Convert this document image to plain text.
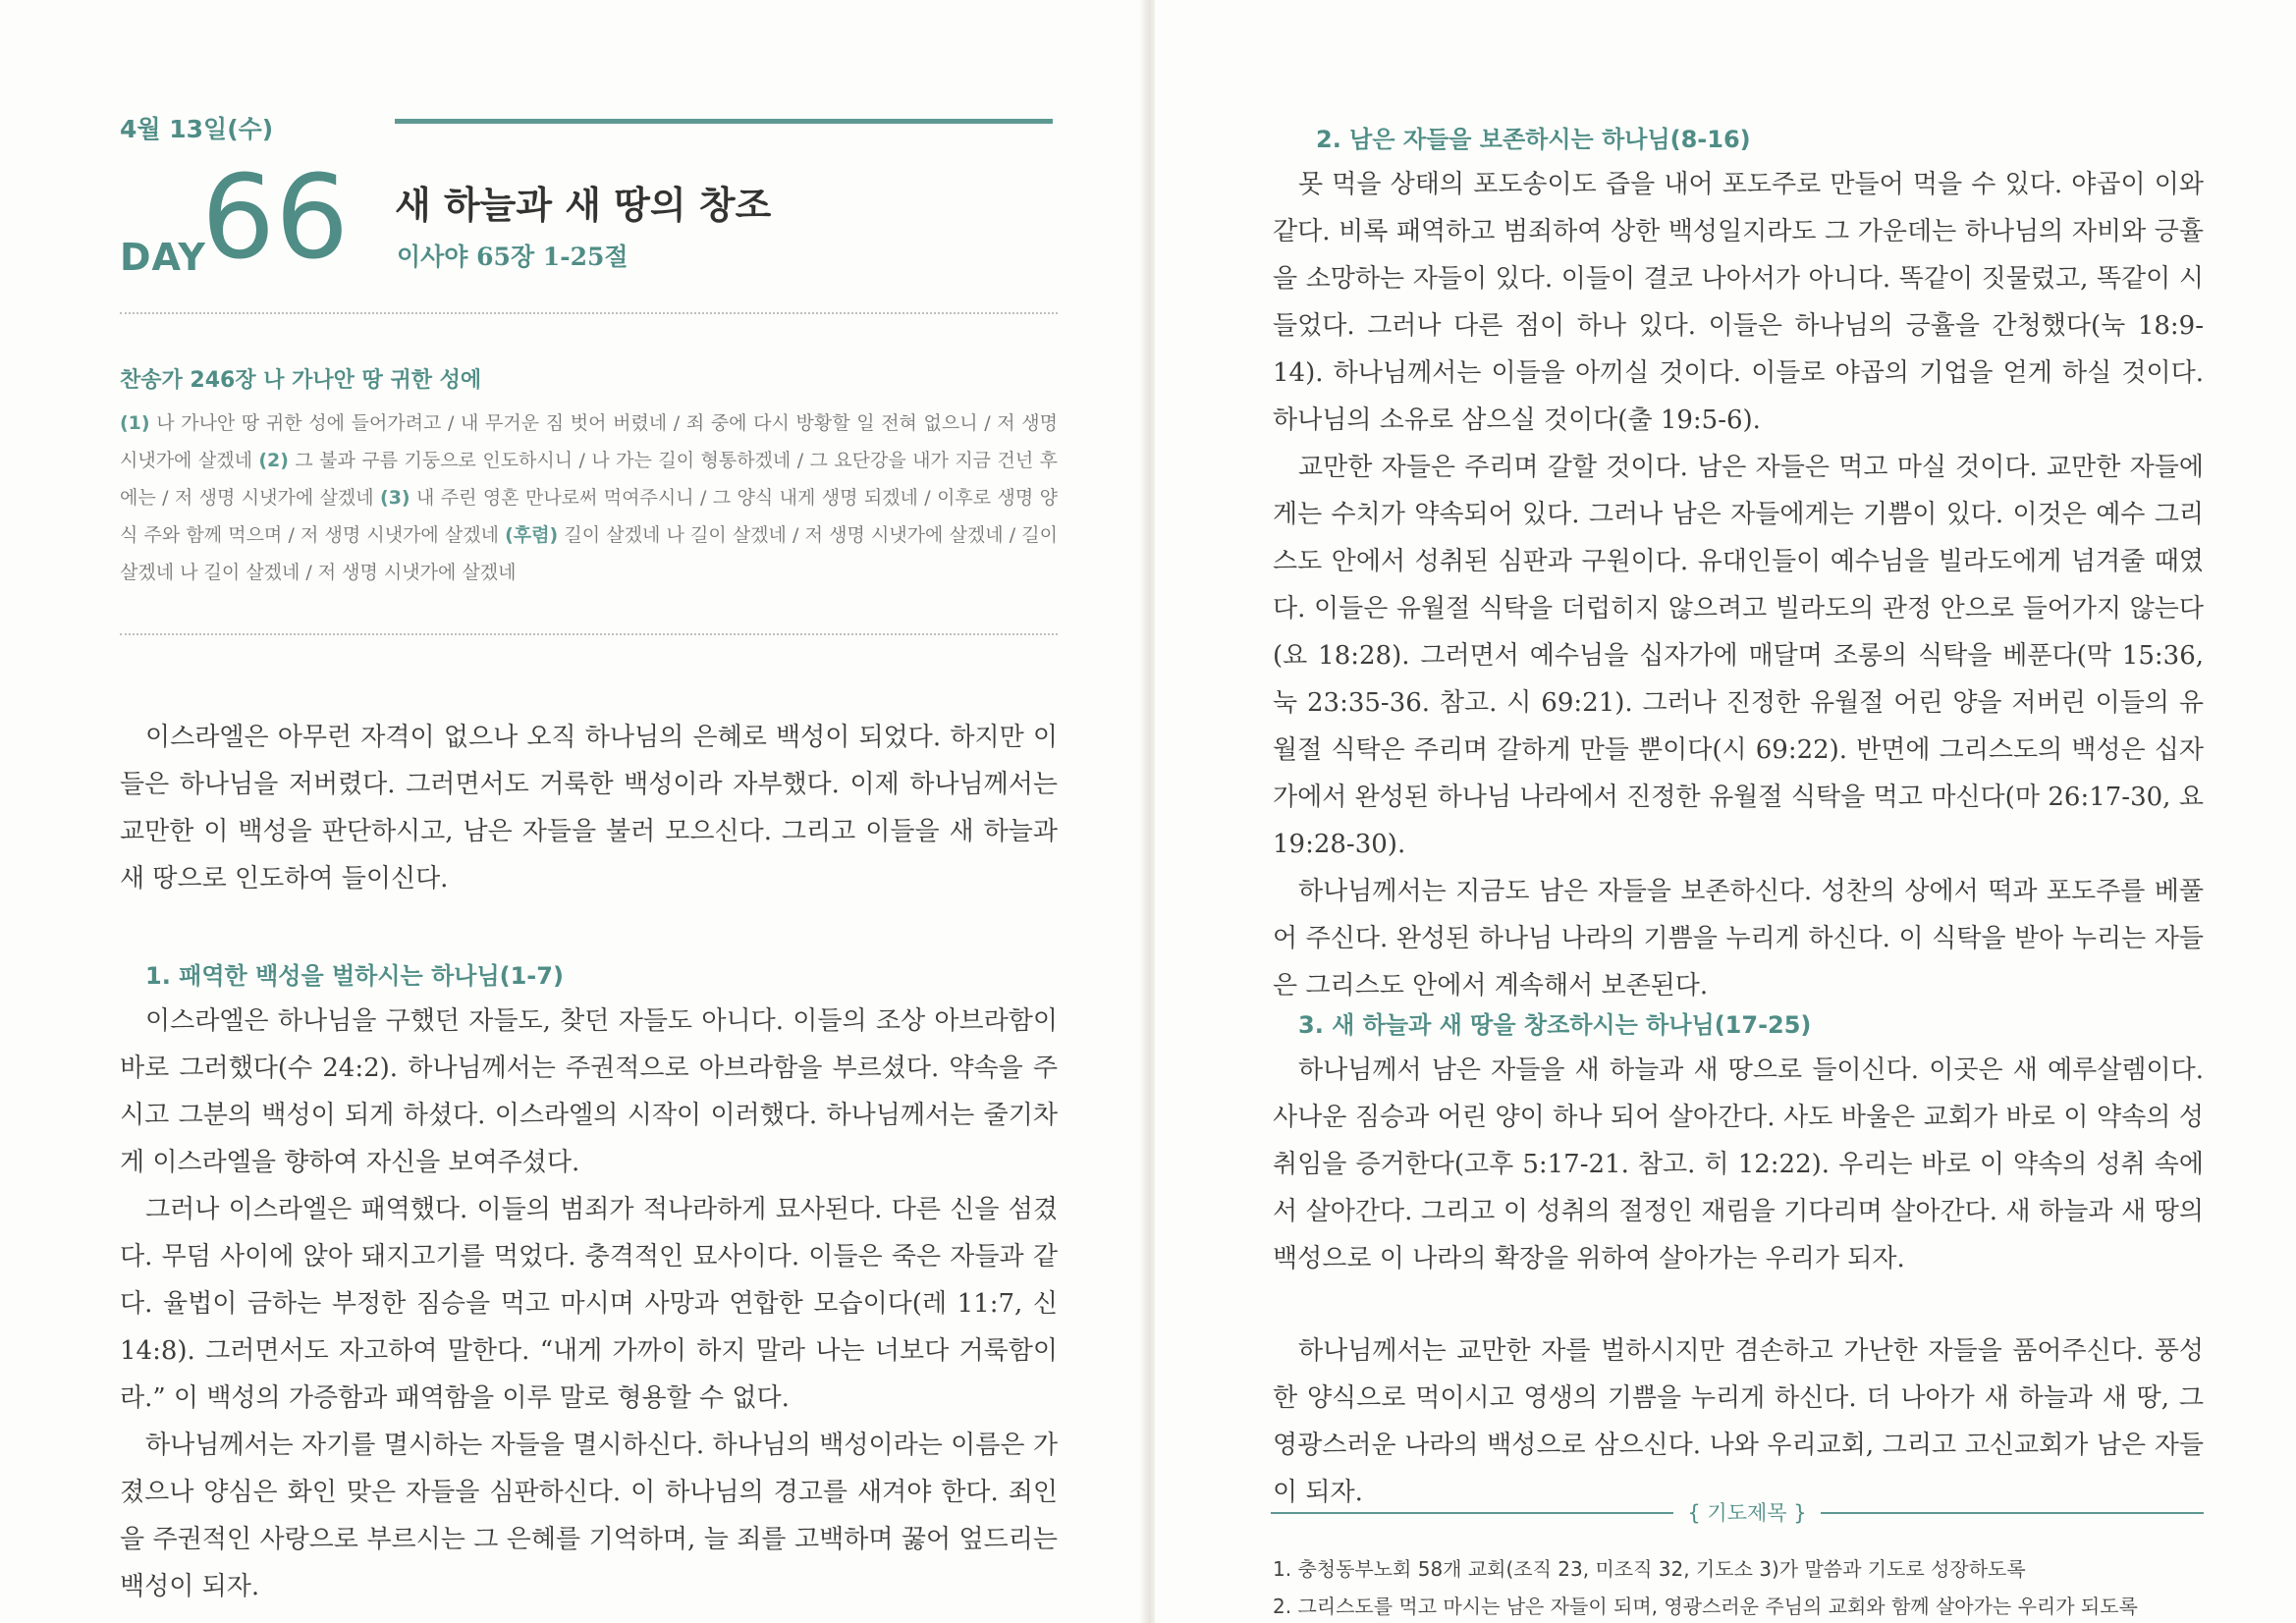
4월 13일(수)
DAY
66 새 하늘과 새 땅의 창조
이사야 65장 1-25절
찬송가 246장 나 가나안 땅 귀한 성에
(1) 나 가나안 땅 귀한 성에 들어가려고 / 내 무거운 짐 벗어 버렸네 / 죄 중에 다시 방황할 일 전혀 없으니 / 저 생명 시냇가에 살겠네 (2) 그 불과 구름 기둥으로 인도하시니 / 나 가는 길이 형통하겠네 / 그 요단강을 내가 지금 건넌 후에는 / 저 생명 시냇가에 살겠네 (3) 내 주린 영혼 만나로써 먹여주시니 / 그 양식 내게 생명 되겠네 / 이후로 생명 양식 주와 함께 먹으며 / 저 생명 시냇가에 살겠네 (후렴) 길이 살겠네 나 길이 살겠네 / 저 생명 시냇가에 살겠네 / 길이 살겠네 나 길이 살겠네 / 저 생명 시냇가에 살겠네

이스라엘은 아무런 자격이 없으나 오직 하나님의 은혜로 백성이 되었다. 하지만 이들은 하나님을 저버렸다. 그러면서도 거룩한 백성이라 자부했다. 이제 하나님께서는 교만한 이 백성을 판단하시고, 남은 자들을 불러 모으신다. 그리고 이들을 새 하늘과 새 땅으로 인도하여 들이신다.

1. 패역한 백성을 벌하시는 하나님(1-7)

이스라엘은 하나님을 구했던 자들도, 찾던 자들도 아니다. 이들의 조상 아브라함이 바로 그러했다(수 24:2). 하나님께서는 주권적으로 아브라함을 부르셨다. 약속을 주시고 그분의 백성이 되게 하셨다. 이스라엘의 시작이 이러했다. 하나님께서는 줄기차게 이스라엘을 향하여 자신을 보여주셨다.

그러나 이스라엘은 패역했다. 이들의 범죄가 적나라하게 묘사된다. 다른 신을 섬겼다. 무덤 사이에 앉아 돼지고기를 먹었다. 충격적인 묘사이다. 이들은 죽은 자들과 같다. 율법이 금하는 부정한 짐승을 먹고 마시며 사망과 연합한 모습이다(레 11:7, 신 14:8). 그러면서도 자고하여 말한다. “내게 가까이 하지 말라 나는 너보다 거룩함이라.” 이 백성의 가증함과 패역함을 이루 말로 형용할 수 없다.

하나님께서는 자기를 멸시하는 자들을 멸시하신다. 하나님의 백성이라는 이름은 가졌으나 양심은 화인 맞은 자들을 심판하신다. 이 하나님의 경고를 새겨야 한다. 죄인을 주권적인 사랑으로 부르시는 그 은혜를 기억하며, 늘 죄를 고백하며 꿇어 엎드리는 백성이 되자.

2. 남은 자들을 보존하시는 하나님(8-16)

못 먹을 상태의 포도송이도 즙을 내어 포도주로 만들어 먹을 수 있다. 야곱이 이와 같다. 비록 패역하고 범죄하여 상한 백성일지라도 그 가운데는 하나님의 자비와 긍휼을 소망하는 자들이 있다. 이들이 결코 나아서가 아니다. 똑같이 짓물렀고, 똑같이 시들었다. 그러나 다른 점이 하나 있다. 이들은 하나님의 긍휼을 간청했다(눅 18:9-14). 하나님께서는 이들을 아끼실 것이다. 이들로 야곱의 기업을 얻게 하실 것이다. 하나님의 소유로 삼으실 것이다(출 19:5-6).

교만한 자들은 주리며 갈할 것이다. 남은 자들은 먹고 마실 것이다. 교만한 자들에게는 수치가 약속되어 있다. 그러나 남은 자들에게는 기쁨이 있다. 이것은 예수 그리스도 안에서 성취된 심판과 구원이다. 유대인들이 예수님을 빌라도에게 넘겨줄 때였다. 이들은 유월절 식탁을 더럽히지 않으려고 빌라도의 관정 안으로 들어가지 않는다(요 18:28). 그러면서 예수님을 십자가에 매달며 조롱의 식탁을 베푼다(막 15:36, 눅 23:35-36. 참고. 시 69:21). 그러나 진정한 유월절 어린 양을 저버린 이들의 유월절 식탁은 주리며 갈하게 만들 뿐이다(시 69:22). 반면에 그리스도의 백성은 십자가에서 완성된 하나님 나라에서 진정한 유월절 식탁을 먹고 마신다(마 26:17-30, 요 19:28-30).

하나님께서는 지금도 남은 자들을 보존하신다. 성찬의 상에서 떡과 포도주를 베풀어 주신다. 완성된 하나님 나라의 기쁨을 누리게 하신다. 이 식탁을 받아 누리는 자들은 그리스도 안에서 계속해서 보존된다.

3. 새 하늘과 새 땅을 창조하시는 하나님(17-25)

하나님께서 남은 자들을 새 하늘과 새 땅으로 들이신다. 이곳은 새 예루살렘이다. 사나운 짐승과 어린 양이 하나 되어 살아간다. 사도 바울은 교회가 바로 이 약속의 성취임을 증거한다(고후 5:17-21. 참고. 히 12:22). 우리는 바로 이 약속의 성취 속에서 살아간다. 그리고 이 성취의 절정인 재림을 기다리며 살아간다. 새 하늘과 새 땅의 백성으로 이 나라의 확장을 위하여 살아가는 우리가 되자.

하나님께서는 교만한 자를 벌하시지만 겸손하고 가난한 자들을 품어주신다. 풍성한 양식으로 먹이시고 영생의 기쁨을 누리게 하신다. 더 나아가 새 하늘과 새 땅, 그 영광스러운 나라의 백성으로 삼으신다. 나와 우리교회, 그리고 고신교회가 남은 자들이 되자.

{ 기도제목 }
1. 충청동부노회 58개 교회(조직 23, 미조직 32, 기도소 3)가 말씀과 기도로 성장하도록
2. 그리스도를 먹고 마시는 남은 자들이 되며, 영광스러운 주님의 교회와 함께 살아가는 우리가 되도록
